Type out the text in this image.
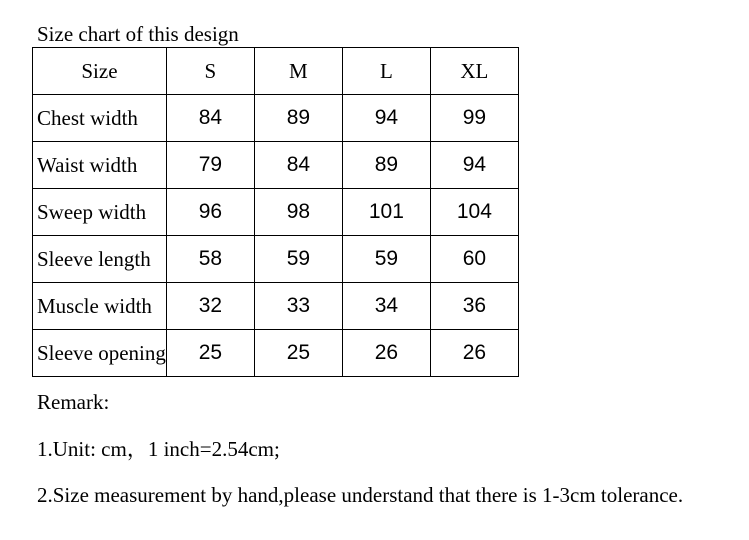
Size chart of this design
Size	S	M	L	XL
Chest width	84	89	94	99
Waist width	79	84	89	94
Sweep width	96	98	101	104
Sleeve length	58	59	59	60
Muscle width	32	33	34	36
Sleeve opening	25	25	26	26
Remark:
1.Unit: cm，1 inch=2.54cm;
2.Size measurement by hand,please understand that there is 1-3cm tolerance.
